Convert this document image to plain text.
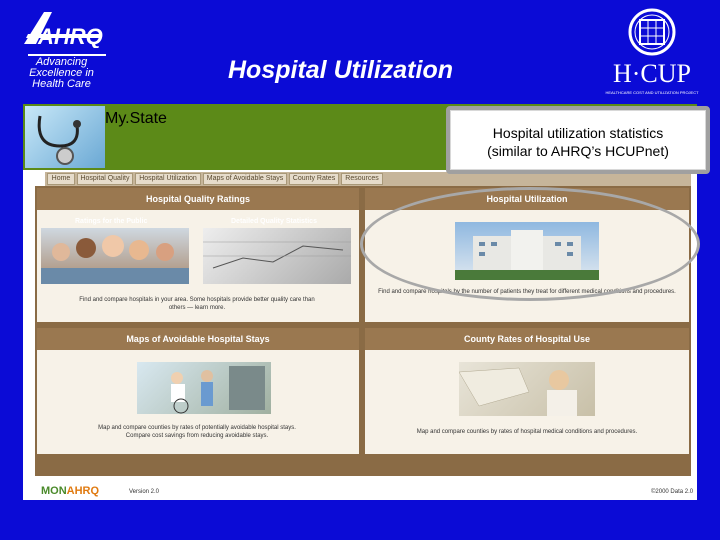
AHRQ
Advancing
Excellence in
Health Care	Hospital Utilization	H·CUP
HEALTHCARE COST AND UTILIZATION PROJECT
My.State
Home	Hospital Quality	Hospital Utilization	Maps of Avoidable Stays	County Rates	Resources
Hospital Quality Ratings
Ratings for the Public	Detailed Quality Statistics
Find and compare hospitals in your area. Some hospitals provide better quality care than others — learn more.
Hospital Utilization
Find and compare hospitals by the number of patients they treat for different medical conditions and procedures.
Maps of Avoidable Hospital Stays
Map and compare counties by rates of potentially avoidable hospital stays. Compare cost savings from reducing avoidable stays.
County Rates of Hospital Use
Map and compare counties by rates of hospital medical conditions and procedures.
MONAHRQ	Version 2.0	©2000 Data 2.0
Hospital utilization statistics
(similar to AHRQ’s HCUPnet)
